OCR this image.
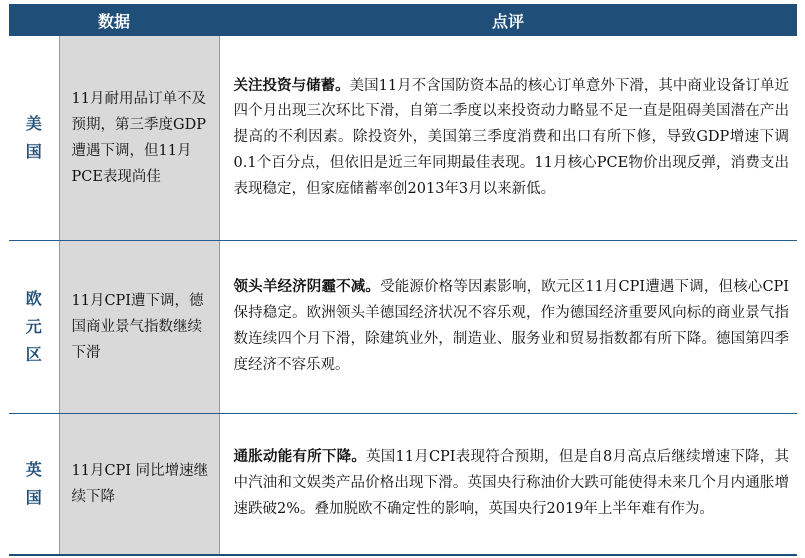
数据		点评

美
国	11月耐用品订单不及预期，第三季度GDP遭遇下调，但11月PCE表现尚佳	关注投资与储蓄。美国11月不含国防资本品的核心订单意外下滑，其中商业设备订单近四个月出现三次环比下滑，自第二季度以来投资动力略显不足一直是阻碍美国潜在产出提高的不利因素。除投资外，美国第三季度消费和出口有所下修，导致GDP增速下调0.1个百分点，但依旧是近三年同期最佳表现。11月核心PCE物价出现反弹，消费支出表现稳定，但家庭储蓄率创2013年3月以来新低。

欧
元
区	11月CPI遭下调，德国商业景气指数继续下滑	领头羊经济阴霾不减。受能源价格等因素影响，欧元区11月CPI遭遇下调，但核心CPI保持稳定。欧洲领头羊德国经济状况不容乐观，作为德国经济重要风向标的商业景气指数连续四个月下滑，除建筑业外，制造业、服务业和贸易指数都有所下降。德国第四季度经济不容乐观。

英
国	11月CPI 同比增速继续下降	通胀动能有所下降。英国11月CPI表现符合预期，但是自8月高点后继续增速下降，其中汽油和文娱类产品价格出现下滑。英国央行称油价大跌可能使得未来几个月内通胀增速跌破2%。叠加脱欧不确定性的影响，英国央行2019年上半年难有作为。
